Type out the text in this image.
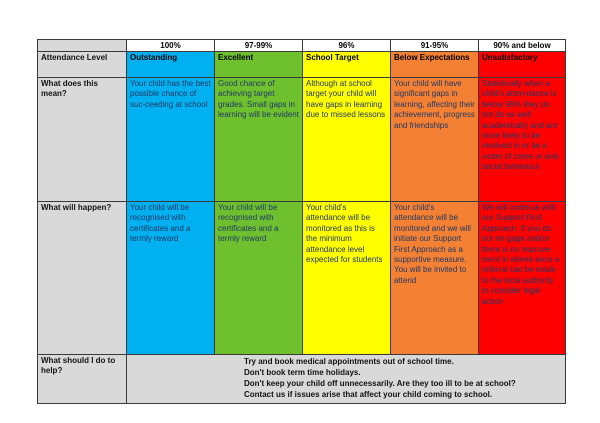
	100%	97-99%	96%	91-95%	90% and below
Attendance Level	Outstanding	Excellent	School Target	Below Expectations	Unsatisfactory
What does this mean?	Your child has the best possible chance of suc-ceeding at school	Good chance of achieving target grades. Small gaps in learning will be evident	Although at school target your child will have gaps in learning due to missed lessons	Your child will have significant gaps in learning, affecting their achievement, progress and friendships	Statistically when a child's atten-dance is below 90% they do not do as well academically and are more likely to be involved in or be a victim of crime or anti-social behaviour
What will happen?	Your child will be recognised with certificates and a termly reward	Your child will be recognised with certificates and a termly reward	Your child's attendance will be monitored as this is the minimum attendance level expected for students	Your child's attendance will be monitored and we will initiate our Support First Approach as a supportive measure. You will be invited to attend	We will continue with our Support First Approach. If you do not en-gage and/or there is no improve-ment in attend-ance a referral can be made to the local authority to consider legal action
What should I do to help?	Try and book medical appointments out of school time.
Don't book term time holidays.
Don't keep your child off unnecessarily. Are they too ill to be at school?
Contact us if issues arise that affect your child coming to school.				
